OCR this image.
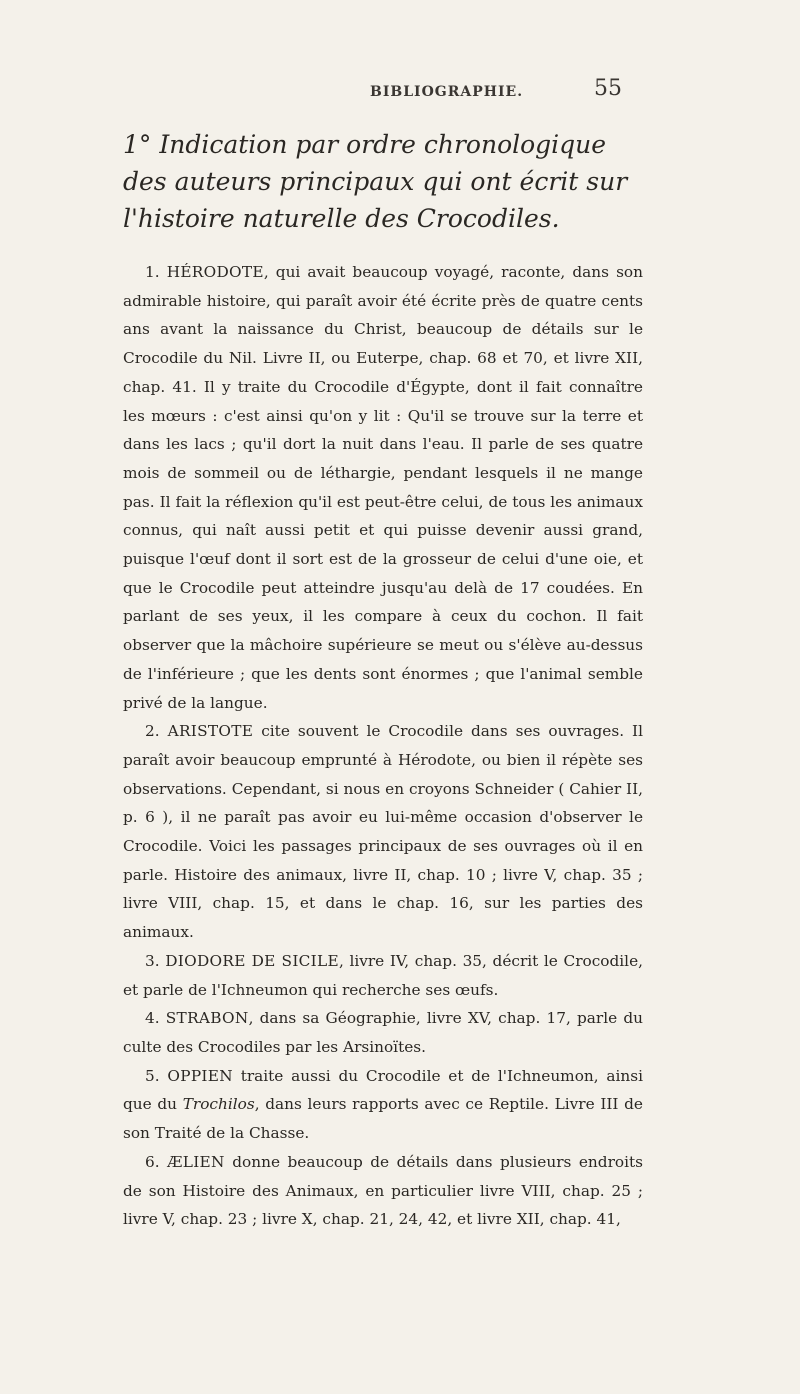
BIBLIOGRAPHIE.	55
1° Indication par ordre chronologique des auteurs principaux qui ont écrit sur l'histoire naturelle des Crocodiles.

1. HÉRODOTE, qui avait beaucoup voyagé, raconte, dans son admirable histoire, qui paraît avoir été écrite près de quatre cents ans avant la naissance du Christ, beaucoup de détails sur le Crocodile du Nil. Livre II, ou Euterpe, chap. 68 et 70, et livre XII, chap. 41. Il y traite du Crocodile d'Égypte, dont il fait connaître les mœurs : c'est ainsi qu'on y lit : Qu'il se trouve sur la terre et dans les lacs ; qu'il dort la nuit dans l'eau. Il parle de ses quatre mois de sommeil ou de léthargie, pendant lesquels il ne mange pas. Il fait la réflexion qu'il est peut-être celui, de tous les animaux connus, qui naît aussi petit et qui puisse devenir aussi grand, puisque l'œuf dont il sort est de la grosseur de celui d'une oie, et que le Crocodile peut atteindre jusqu'au delà de 17 coudées. En parlant de ses yeux, il les compare à ceux du cochon. Il fait observer que la mâchoire supérieure se meut ou s'élève au-dessus de l'inférieure ; que les dents sont énormes ; que l'animal semble privé de la langue.

2. ARISTOTE cite souvent le Crocodile dans ses ouvrages. Il paraît avoir beaucoup emprunté à Hérodote, ou bien il répète ses observations. Cependant, si nous en croyons Schneider ( Cahier II, p. 6 ), il ne paraît pas avoir eu lui-même occasion d'observer le Crocodile. Voici les passages principaux de ses ouvrages où il en parle. Histoire des animaux, livre II, chap. 10 ; livre V, chap. 35 ; livre VIII, chap. 15, et dans le chap. 16, sur les parties des animaux.

3. DIODORE DE SICILE, livre IV, chap. 35, décrit le Crocodile, et parle de l'Ichneumon qui recherche ses œufs.

4. STRABON, dans sa Géographie, livre XV, chap. 17, parle du culte des Crocodiles par les Arsinoïtes.

5. OPPIEN traite aussi du Crocodile et de l'Ichneumon, ainsi que du Trochilos, dans leurs rapports avec ce Reptile. Livre III de son Traité de la Chasse.

6. ÆLIEN donne beaucoup de détails dans plusieurs endroits de son Histoire des Animaux, en particulier livre VIII, chap. 25 ; livre V, chap. 23 ; livre X, chap. 21, 24, 42, et livre XII, chap. 41,
